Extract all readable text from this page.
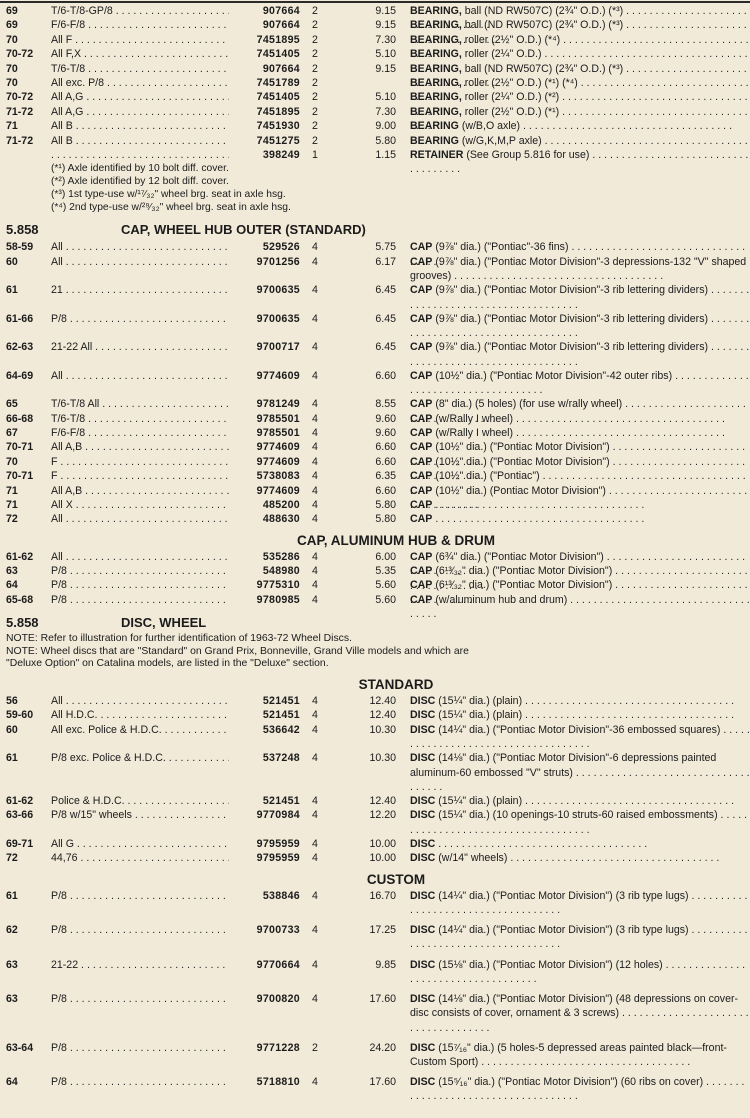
69	T/6-T/8-GP/8 . . .	907664 2	9.15 BEARING, ball (ND RW507C) (2¾" O.D.) (*³) . . .
69	F/6-F/8 . . .	907664 2	9.15 BEARING, ball (ND RW507C) (2¾" O.D.) (*³) . . .
70	All F . . .	7451895 2	7.30 BEARING, roller (2½" O.D.) (*⁴) . . .
70-72	All F,X . . .	7451405 2	5.10 BEARING, roller (2¼" O.D.) . . .
70	T/6-T/8 . . .	907664 2	9.15 BEARING, ball (ND RW507C) (2¾" O.D.) (*³) . . .
70	All exc. P/8 . . .	7451789 2	BEARING, roller (2½" O.D.) (*¹) (*⁴) . . .
70-72	All A,G . . .	7451405 2	5.10 BEARING, roller (2¼" O.D.) (*²) . . .
71-72	All A,G . . .	7451895 2	7.30 BEARING, roller (2½" O.D.) (*¹) . . .
71	All B . . .	7451930 2	9.00 BEARING (w/B,O axle) . . .
71-72	All B . . .	7451275 2	5.80 BEARING (w/G,K,M,P axle) . . .
. . .
398249 1	1.15 RETAINER (See Group 5.816 for use) . . .
(*¹) Axle identified by 10 bolt diff. cover.
(*²) Axle identified by 12 bolt diff. cover.
(*³) 1st type-use w/¹⁷⁄₃₂" wheel brg. seat in axle hsg.
(*⁴) 2nd type-use w/²⁹⁄₃₂" wheel brg. seat in axle hsg.
5.858	CAP, WHEEL HUB OUTER (STANDARD)
58-59	All . . .	529526 4	5.75 CAP (9⅞" dia.) ("Pontiac"-36 fins) . . .
60	All . . .	9701256 4	6.17 CAP (9⅞" dia.) ("Pontiac Motor Division"-3 depressions-132 "V" shaped grooves) . . .
61	21 . . .	9700635 4	6.45 CAP (9⅞" dia.) ("Pontiac Motor Division"-3 rib lettering dividers) . . .
61-66	P/8 . . .	9700635 4	6.45 CAP (9⅞" dia.) ("Pontiac Motor Division"-3 rib lettering dividers) . . .
62-63	21-22 All . . .	9700717 4	6.45 CAP (9⅞" dia.) ("Pontiac Motor Division"-3 rib lettering dividers) . . .
64-69	All . . .	9774609 4	6.60 CAP (10½" dia.) ("Pontiac Motor Division"-42 outer ribs) . . .
65	T/6-T/8 All . . .	9781249 4	8.55 CAP (8" dia.) (5 holes) (for use w/rally wheel) . . .
66-68	T/6-T/8 . . .	9785501 4	9.60 CAP (w/Rally I wheel) . . .
67	F/6-F/8 . . .	9785501 4	9.60 CAP (w/Rally I wheel) . . .
70-71	All A,B . . .	9774609 4	6.60 CAP (10½" dia.) ("Pontiac Motor Division") . . .
70	F . . .	9774609 4	6.60 CAP (10½" dia.) ("Pontiac Motor Division") . . .
70-71	F . . .	5738083 4	6.35 CAP (10½" dia.) ("Pontiac") . . .
71	All A,B . . .	9774609 4	6.60 CAP (10½" dia.) (Pontiac Motor Division") . . .
71	All X . . .	485200 4	5.80 CAP . . .
72	All . . .	488630 4	5.80 CAP . . .
CAP, ALUMINUM HUB & DRUM
61-62	All . . .	535286 4	6.00 CAP (6¾" dia.) ("Pontiac Motor Division") . . .
63	P/8 . . .	548980 4	5.35 CAP (6¹³⁄₃₂" dia.) ("Pontiac Motor Division") . . .
64	P/8 . . .	9775310 4	5.60 CAP (6¹³⁄₃₂" dia.) ("Pontiac Motor Division") . . .
65-68	P/8 . . .	9780985 4	5.60 CAP (w/aluminum hub and drum) . . .
5.858	DISC, WHEEL
NOTE: Refer to illustration for further identification of 1963-72 Wheel Discs.
NOTE: Wheel discs that are "Standard" on Grand Prix, Bonneville, Grand Ville models and which are
"Deluxe Option" on Catalina models, are listed in the "Deluxe" section.
STANDARD
56	All . . .	521451 4	12.40 DISC (15¼" dia.) (plain) . . .
59-60	All H.D.C. . . .	521451 4	12.40 DISC (15¼" dia.) (plain) . . .
60	All exc. Police & H.D.C. . . .	536642 4	10.30 DISC (14¼" dia.) ("Pontiac Motor Division"-36 embossed squares) . . .
61	P/8 exc. Police & H.D.C. . . .	537248 4	10.30 DISC (14⅛" dia.) ("Pontiac Motor Division"-6 depressions painted aluminum-60 embossed "V" struts) . . .
61-62	Police & H.D.C. . . .	521451 4	12.40 DISC (15¼" dia.) (plain) . . .
63-66	P/8 w/15" wheels . . .	9770984 4	12.20 DISC (15¼" dia.) (10 openings-10 struts-60 raised embossments) . . .
69-71	All G . . .	9795959 4	10.00 DISC . . .
72	44,76 . . .	9795959 4	10.00 DISC (w/14" wheels) . . .
CUSTOM
61	P/8 . . .	538846 4	16.70 DISC (14¼" dia.) ("Pontiac Motor Division") (3 rib type lugs) . . .
62	P/8 . . .	9700733 4	17.25 DISC (14¼" dia.) ("Pontiac Motor Division") (3 rib type lugs) . . .
63	21-22 . . .	9770664 4	9.85 DISC (15⅛" dia.) ("Pontiac Motor Division") (12 holes) . . .
63	P/8 . . .	9700820 4	17.60 DISC (14⅛" dia.) ("Pontiac Motor Division") (48 depressions on cover-disc consists of cover, ornament & 3 screws) . . .
63-64	P/8 . . .	9771228 2	24.20 DISC (15⁷⁄₁₆" dia.) (5 holes-5 depressed areas painted black—front-Custom Sport) . . .
64	P/8 . . .	5718810 4	17.60 DISC (15⁵⁄₁₆" dia.) ("Pontiac Motor Division") (60 ribs on cover) . . .
